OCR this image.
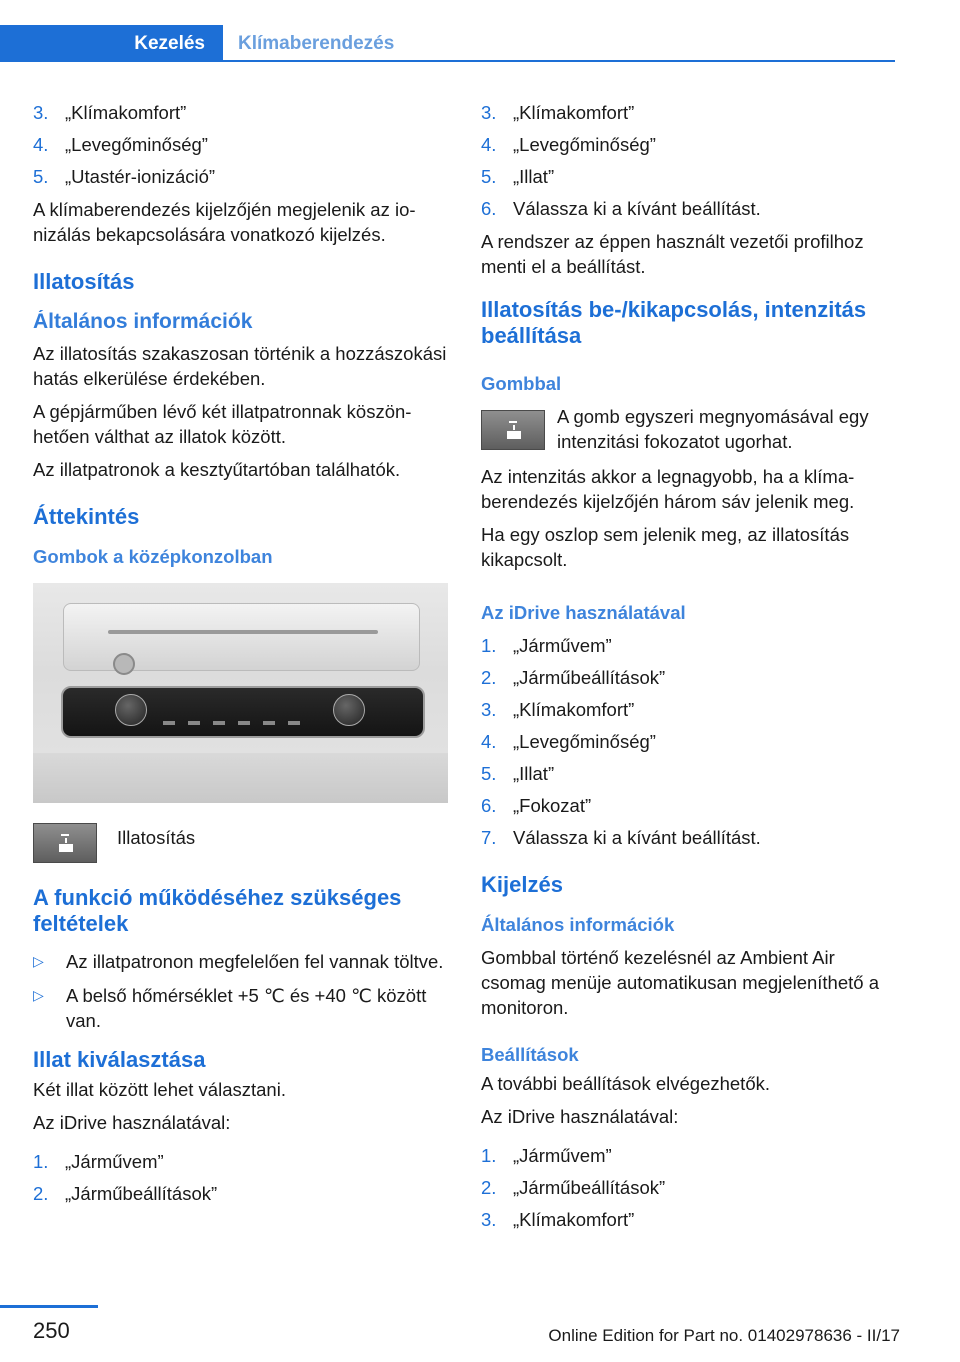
Kezelés	Klímaberendezés
3. „Klímakomfort”
4. „Levegőminőség”
5. „Utastér-ionizáció”

A klímaberendezés kijelzőjén megjelenik az ionizálás bekapcsolására vonatkozó kijelzés.

Illatosítás
Általános információk

Az illatosítás szakaszosan történik a hozzászokási hatás elkerülése érdekében.

A gépjárműben lévő két illatpatronnak köszönhetően válthat az illatok között.

Az illatpatronok a kesztyűtartóban találhatók.

Áttekintés
Gombok a középkonzolban
Illatosítás
A funkció működéséhez szükséges feltételek
▷	Az illatpatronon megfelelően fel vannak töltve.
▷	A belső hőmérséklet +5 ℃ és +40 ℃ között van.
Illat kiválasztása

Két illat között lehet választani.

Az iDrive használatával:

1. „Járművem”
2. „Járműbeállítások”
3. „Klímakomfort”
4. „Levegőminőség”
5. „Illat”
6. Válassza ki a kívánt beállítást.

A rendszer az éppen használt vezetői profilhoz menti el a beállítást.

Illatosítás be-/kikapcsolás, intenzitás beállítása
Gombbal
A gomb egyszeri megnyomásával egy intenzitási fokozatot ugorhat.

Az intenzitás akkor a legnagyobb, ha a klímaberendezés kijelzőjén három sáv jelenik meg.

Ha egy oszlop sem jelenik meg, az illatosítás kikapcsolt.

Az iDrive használatával
1. „Járművem”
2. „Járműbeállítások”
3. „Klímakomfort”
4. „Levegőminőség”
5. „Illat”
6. „Fokozat”
7. Válassza ki a kívánt beállítást.
Kijelzés
Általános információk

Gombbal történő kezelésnél az Ambient Air csomag menüje automatikusan megjeleníthető a monitoron.

Beállítások

A további beállítások elvégezhetők.

Az iDrive használatával:

1. „Járművem”
2. „Járműbeállítások”
3. „Klímakomfort”
250	Online Edition for Part no. 01402978636 - II/17
